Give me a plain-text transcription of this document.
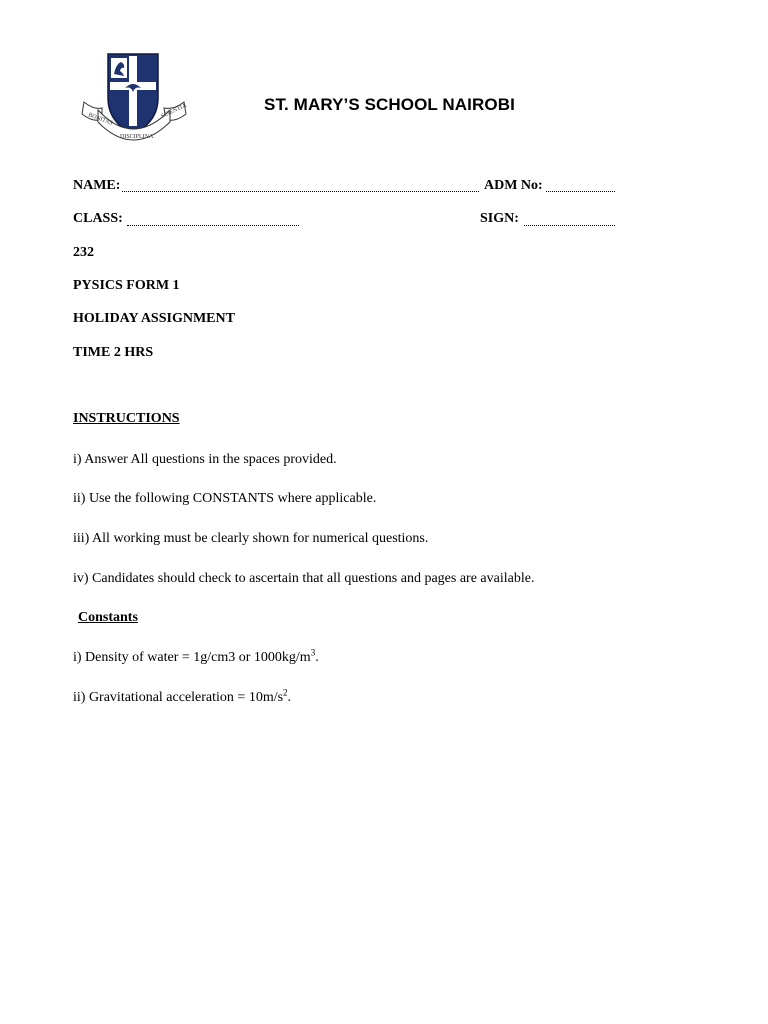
BONITAS
DISCIPLINA
SCIENTIA	ST. MARY’S SCHOOL NAIROBI
NAME:	ADM No:
CLASS:	SIGN:
232
PYSICS FORM 1
HOLIDAY ASSIGNMENT
TIME 2 HRS
INSTRUCTIONS
i) Answer All questions in the spaces provided.
ii) Use the following CONSTANTS where applicable.
iii) All working must be clearly shown for numerical questions.
iv) Candidates should check to ascertain that all questions and pages are available.
Constants
i) Density of water = 1g/cm3 or $1000kg/m^3$.
ii) Gravitational acceleration = $10m/s^2$.
